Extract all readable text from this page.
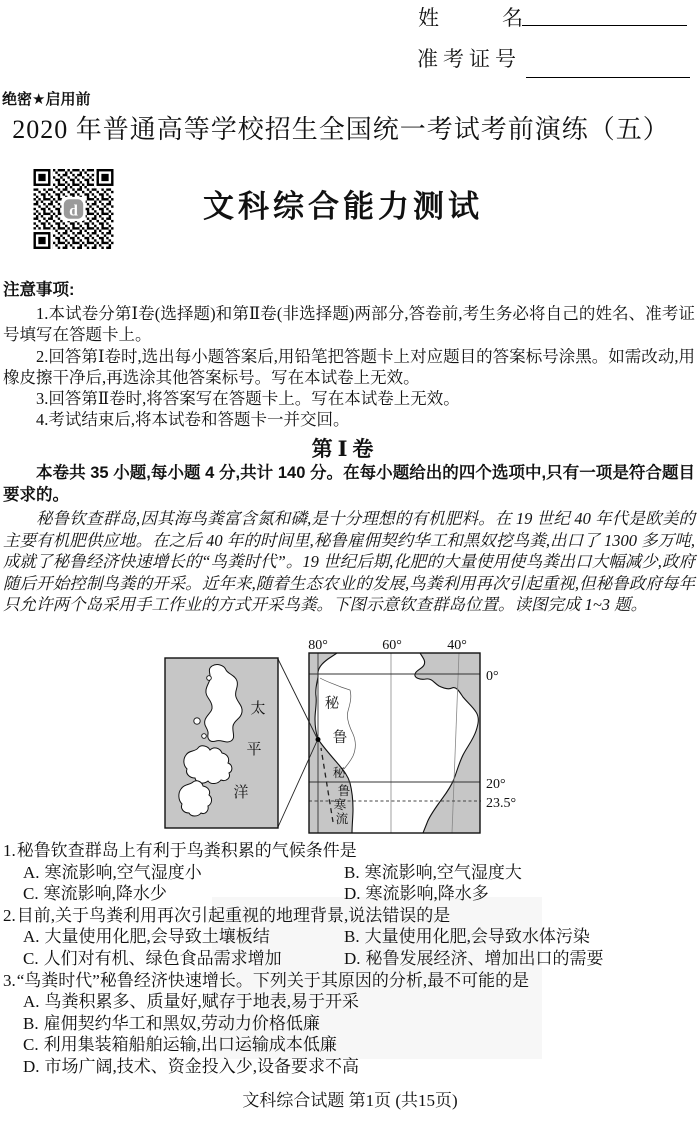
姓　　　名
准考证号
绝密★启用前
2020 年普通高等学校招生全国统一考试考前演练（五）
d	文科综合能力测试
注意事项:

1.本试卷分第Ⅰ卷(选择题)和第Ⅱ卷(非选择题)两部分,答卷前,考生务必将自己的姓名、准考证号填写在答题卡上。

2.回答第Ⅰ卷时,选出每小题答案后,用铅笔把答题卡上对应题目的答案标号涂黑。如需改动,用橡皮擦干净后,再选涂其他答案标号。写在本试卷上无效。

3.回答第Ⅱ卷时,将答案写在答题卡上。写在本试卷上无效。

4.考试结束后,将本试卷和答题卡一并交回。

第Ⅰ卷

本卷共 35 小题,每小题 4 分,共计 140 分。在每小题给出的四个选项中,只有一项是符合题目要求的。

秘鲁钦查群岛,因其海鸟粪富含氮和磷,是十分理想的有机肥料。在 19 世纪 40 年代是欧美的主要有机肥供应地。在之后 40 年的时间里,秘鲁雇佣契约华工和黑奴挖鸟粪,出口了 1300 多万吨,成就了秘鲁经济快速增长的“鸟粪时代”。19 世纪后期,化肥的大量使用使鸟粪出口大幅减少,政府随后开始控制鸟粪的开采。近年来,随着生态农业的发展,鸟粪利用再次引起重视,但秘鲁政府每年只允许两个岛采用手工作业的方式开采鸟粪。下图示意钦查群岛位置。读图完成 1~3 题。

80°	60°	40°
0°
20°
23.5°
太
平
洋
秘
鲁
秘
鲁
寒
流

1.秘鲁钦查群岛上有利于鸟粪积累的气候条件是

A. 寒流影响,空气湿度小	B. 寒流影响,空气湿度大
C. 寒流影响,降水少	D. 寒流影响,降水多

2.目前,关于鸟粪利用再次引起重视的地理背景,说法错误的是

A. 大量使用化肥,会导致土壤板结	B. 大量使用化肥,会导致水体污染
C. 人们对有机、绿色食品需求增加	D. 秘鲁发展经济、增加出口的需要

3.“鸟粪时代”秘鲁经济快速增长。下列关于其原因的分析,最不可能的是

A. 鸟粪积累多、质量好,赋存于地表,易于开采
B. 雇佣契约华工和黑奴,劳动力价格低廉
C. 利用集装箱船舶运输,出口运输成本低廉
D. 市场广阔,技术、资金投入少,设备要求不高
文科综合试题 第1页 (共15页)
